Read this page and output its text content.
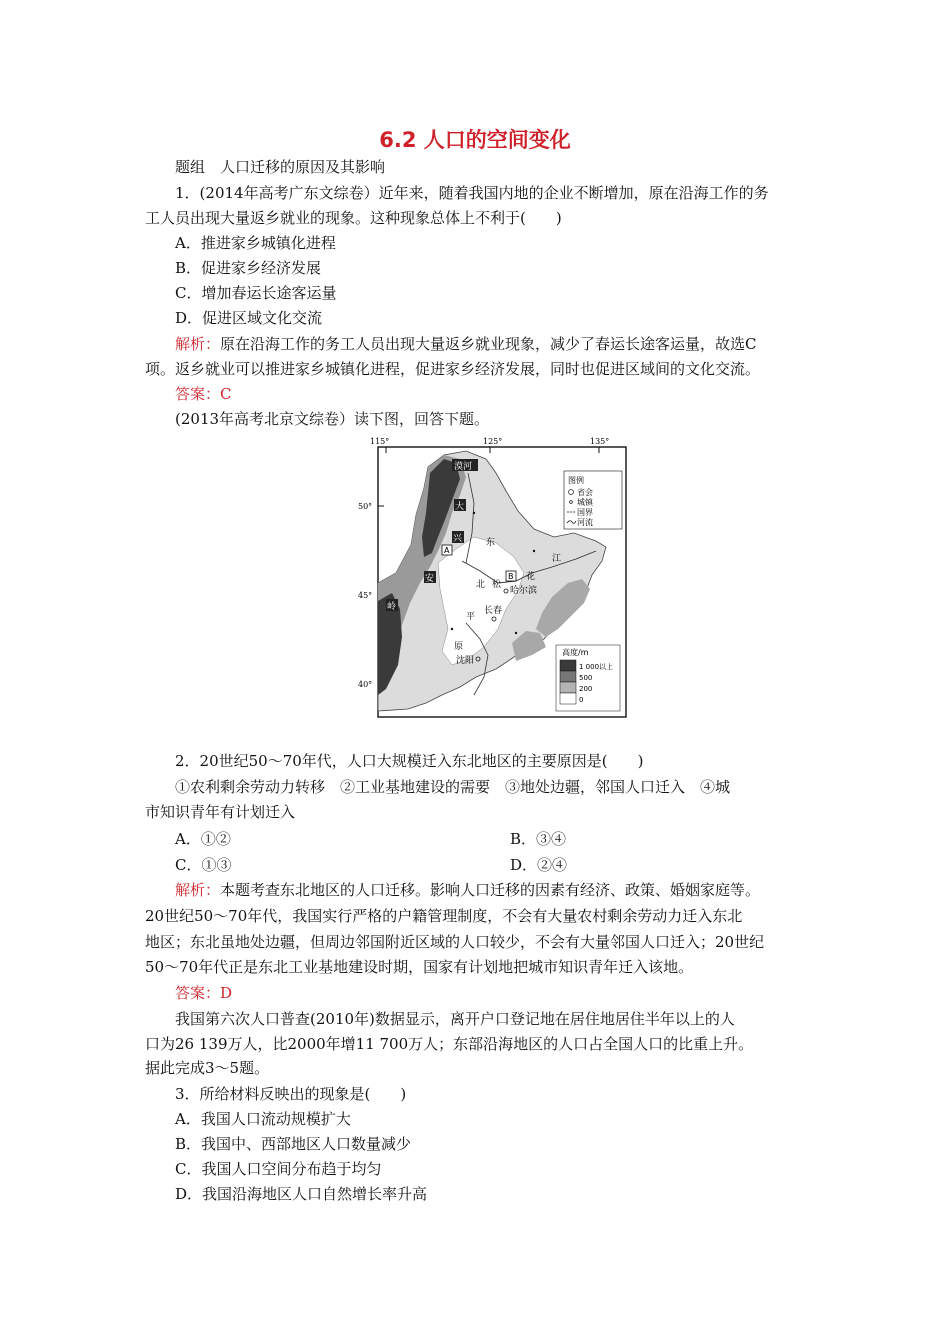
6.2 人口的空间变化
题组　人口迁移的原因及其影响
1．(2014年高考广东文综卷）近年来，随着我国内地的企业不断增加，原在沿海工作的务
工人员出现大量返乡就业的现象。这种现象总体上不利于(　　)
A．推进家乡城镇化进程
B．促进家乡经济发展
C．增加春运长途客运量
D．促进区域文化交流
解析：原在沿海工作的务工人员出现大量返乡就业现象，减少了春运长途客运量，故选C
项。返乡就业可以推进家乡城镇化进程，促进家乡经济发展，同时也促进区域间的文化交流。
答案：C
(2013年高考北京文综卷）读下图，回答下题。
115°	125°	135°
50°
45°
40°
漠河
大
兴
A
安
岭
东
江
B 花
北 松
哈尔滨
长春
平
原
沈阳
图例
省会
城镇
国界
河流
高度/m
1 000以上
500
200
0
2．20世纪50～70年代，人口大规模迁入东北地区的主要原因是(　　)
①农利剩余劳动力转移　②工业基地建设的需要　③地处边疆，邻国人口迁入　④城
市知识青年有计划迁入
A．①②	B．③④
C．①③	D．②④
解析：本题考查东北地区的人口迁移。影响人口迁移的因素有经济、政策、婚姻家庭等。
20世纪50～70年代，我国实行严格的户籍管理制度，不会有大量农村剩余劳动力迁入东北
地区；东北虽地处边疆，但周边邻国附近区域的人口较少，不会有大量邻国人口迁入；20世纪
50～70年代正是东北工业基地建设时期，国家有计划地把城市知识青年迁入该地。
答案：D
我国第六次人口普查(2010年)数据显示，离开户口登记地在居住地居住半年以上的人
口为26 139万人，比2000年增11 700万人；东部沿海地区的人口占全国人口的比重上升。
据此完成3～5题。
3．所给材料反映出的现象是(　　)
A．我国人口流动规模扩大
B．我国中、西部地区人口数量减少
C．我国人口空间分布趋于均匀
D．我国沿海地区人口自然增长率升高
